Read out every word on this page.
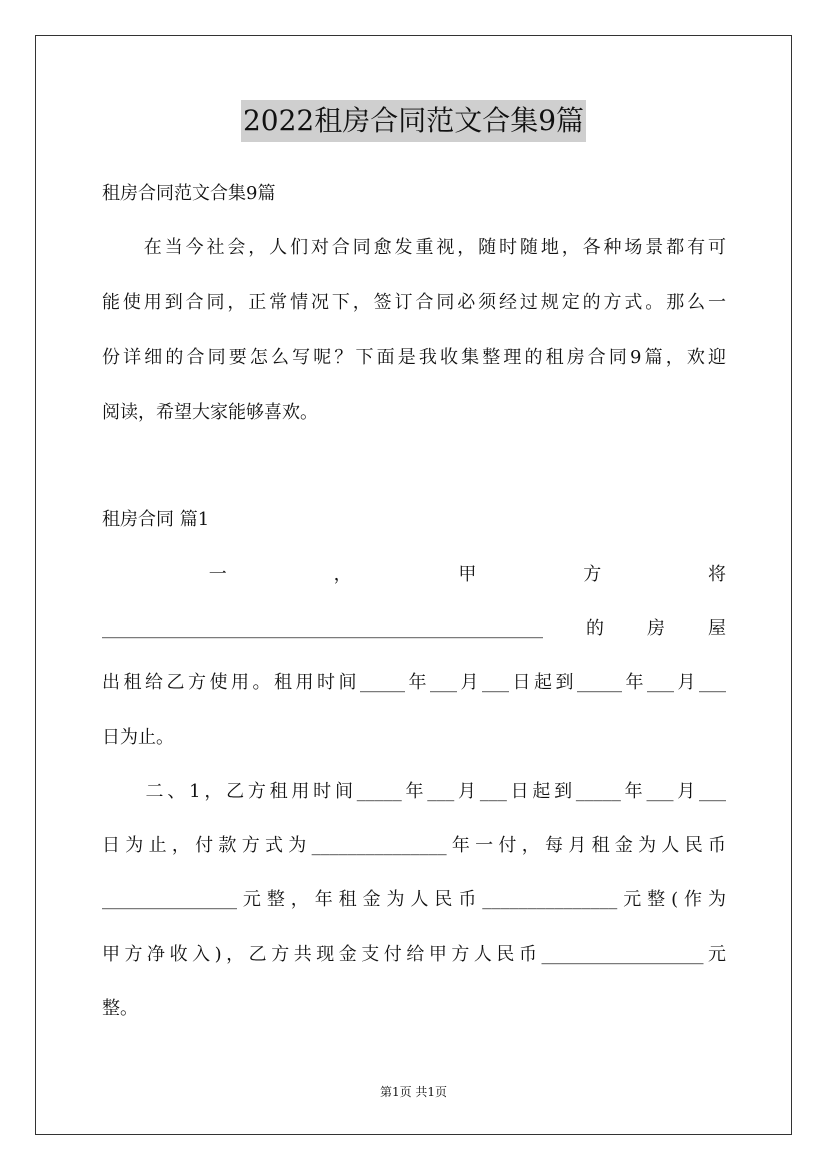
2022租房合同范文合集9篇
租房合同范文合集9篇
　　在当今社会，人们对合同愈发重视，随时随地，各种场景都有可
能使用到合同，正常情况下，签订合同必须经过规定的方式。那么一
份详细的合同要怎么写呢？下面是我收集整理的租房合同9篇，欢迎
阅读，希望大家能够喜欢。
租房合同 篇1
一	，	甲	方	将
_________________________________________________的房屋
出租给乙方使用。租用时间_____年___月___日起到_____年___月___
日为止。
　　二、1，乙方租用时间_____年___月___日起到_____年___月___
日为止，付款方式为_______________年一付，每月租金为人民币
_______________元整，年租金为人民币_______________元整(作为
甲方净收入)，乙方共现金支付给甲方人民币__________________元
整。
第1页 共1页
